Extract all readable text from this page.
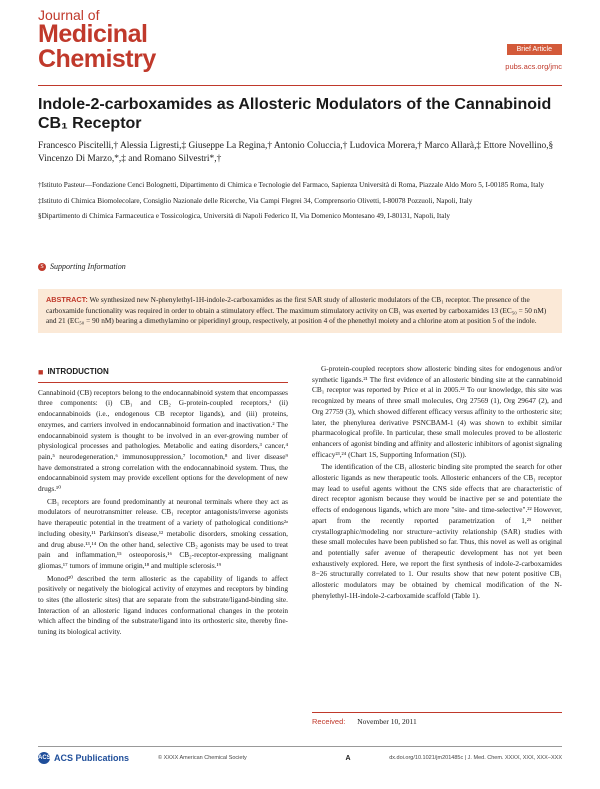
Journal of
Medicinal
Chemistry	Brief Article
pubs.acs.org/jmc
Indole-2-carboxamides as Allosteric Modulators of the Cannabinoid CB₁ Receptor
Francesco Piscitelli,† Alessia Ligresti,‡ Giuseppe La Regina,† Antonio Coluccia,† Ludovica Morera,† Marco Allarà,‡ Ettore Novellino,§ Vincenzo Di Marzo,*,‡ and Romano Silvestri*,†

†Istituto Pasteur—Fondazione Cenci Bolognetti, Dipartimento di Chimica e Tecnologie del Farmaco, Sapienza Università di Roma, Piazzale Aldo Moro 5, I-00185 Roma, Italy

‡Istituto di Chimica Biomolecolare, Consiglio Nazionale delle Ricerche, Via Campi Flegrei 34, Comprensorio Olivetti, I-80078 Pozzuoli, Napoli, Italy

§Dipartimento di Chimica Farmaceutica e Tossicologica, Università di Napoli Federico II, Via Domenico Montesano 49, I-80131, Napoli, Italy

S Supporting Information
ABSTRACT: We synthesized new N-phenylethyl-1H-indole-2-carboxamides as the first SAR study of allosteric modulators of the CB₁ receptor. The presence of the carboxamide functionality was required in order to obtain a stimulatory effect. The maximum stimulatory activity on CB₁ was exerted by carboxamides 13 (EC₅₀ = 50 nM) and 21 (EC₅₀ = 90 nM) bearing a dimethylamino or piperidinyl group, respectively, at position 4 of the phenethyl moiety and a chlorine atom at position 5 of the indole.
■ INTRODUCTION

Cannabinoid (CB) receptors belong to the endocannabinoid system that encompasses three components: (i) CB₁ and CB₂ G-protein-coupled receptors,¹ (ii) endocannabinoids (i.e., endogenous CB receptor ligands), and (iii) proteins, enzymes, and carriers involved in endocannabinoid formation and inactivation.² The endocannabinoid system is thought to be involved in an ever-growing number of physiological processes and pathologies. Metabolic and eating disorders,³ cancer,⁴ pain,⁵ neurodegeneration,⁶ immunosuppression,⁷ locomotion,⁸ and liver disease⁹ have demonstrated a strong correlation with the endocannabinoid system. Thus, the endocannabinoid system may provide excellent options for the development of new drugs.¹⁰

CB₁ receptors are found predominantly at neuronal terminals where they act as modulators of neurotransmitter release. CB₁ receptor antagonists/inverse agonists have therapeutic potential in the treatment of a variety of pathological conditions²ᵃ including obesity,¹¹ Parkinson's disease,¹² metabolic disorders, smoking cessation, and drug abuse.¹³,¹⁴ On the other hand, selective CB₂ agonists may be used to treat pain and inflammation,¹⁵ osteoporosis,¹⁶ CB₂-receptor-expressing malignant gliomas,¹⁷ tumors of immune origin,¹⁸ and multiple sclerosis.¹⁹

Monod²⁰ described the term allosteric as the capability of ligands to affect positively or negatively the biological activity of enzymes and receptors by binding to sites (the allosteric sites) that are separate from the substrate/ligand-binding site. Interaction of an allosteric ligand induces conformational changes in the protein which affect the binding of the substrate/ligand into its orthosteric site, thereby fine-tuning its biological activity.

G-protein-coupled receptors show allosteric binding sites for endogenous and/or synthetic ligands.²¹ The first evidence of an allosteric binding site at the cannabinoid CB₁ receptor was reported by Price et al in 2005.²² To our knowledge, this site was recognized by means of three small molecules, Org 27569 (1), Org 29647 (2), and Org 27759 (3), which showed different efficacy versus affinity to the orthosteric site; later, the phenylurea derivative PSNCBAM-1 (4) was shown to exhibit similar pharmacological profile. In particular, these small molecules proved to be allosteric enhancers of agonist binding and affinity and allosteric inhibitors of agonist signaling efficacy²³,²⁴ (Chart 1S, Supporting Information (SI)).

The identification of the CB₁ allosteric binding site prompted the search for other allosteric ligands as new therapeutic tools. Allosteric enhancers of the CB₁ receptor may lead to useful agents without the CNS side effects that are characteristic of direct receptor agonism because they would be inactive per se and potentiate the effects of endogenous ligands, which are more "site- and time-selective".²² However, apart from the recently reported parametrization of 1,²⁵ neither crystallographic/modeling nor structure−activity relationship (SAR) studies with these small molecules have been published so far. Thus, this novel as well as original and potentially safer avenue of therapeutic development has not yet been exhaustively explored. Here, we report the first synthesis of indole-2-carboxamides 8−26 structurally correlated to 1. Our results show that new potent positive CB₁ allosteric modulators may be obtained by chemical modification of the N-phenylethyl-1H-indole-2-carboxamide scaffold (Table 1).

Received: November 10, 2011
ACS ACS Publications	© XXXX American Chemical Society	A	dx.doi.org/10.1021/jm201485c | J. Med. Chem. XXXX, XXX, XXX−XXX
